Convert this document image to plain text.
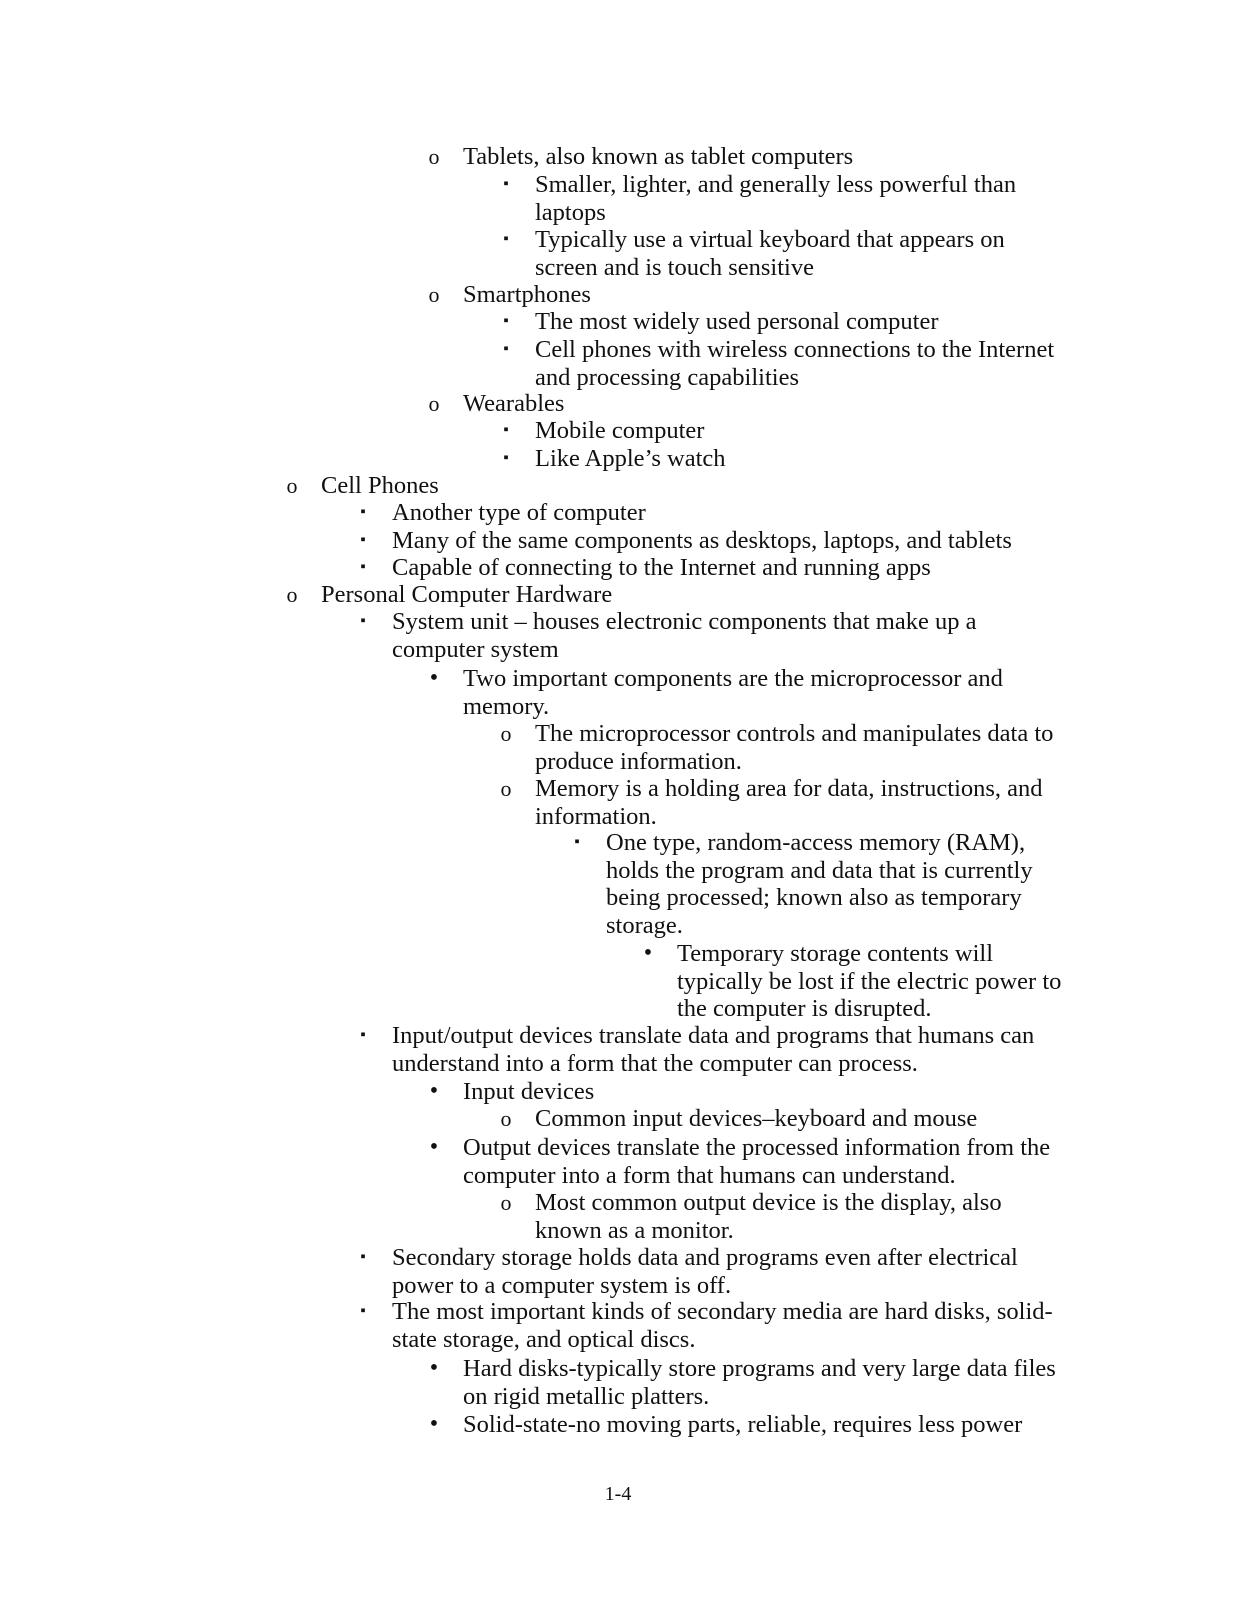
o Tablets, also known as tablet computers
▪ Smaller, lighter, and generally less powerful than laptops
▪ Typically use a virtual keyboard that appears on screen and is touch sensitive
o Smartphones
▪ The most widely used personal computer
▪ Cell phones with wireless connections to the Internet and processing capabilities
o Wearables
▪ Mobile computer
▪ Like Apple’s watch
o Cell Phones
▪ Another type of computer
▪ Many of the same components as desktops, laptops, and tablets
▪ Capable of connecting to the Internet and running apps
o Personal Computer Hardware
▪ System unit – houses electronic components that make up a computer system
• Two important components are the microprocessor and memory.
o The microprocessor controls and manipulates data to produce information.
o Memory is a holding area for data, instructions, and information.
▪ One type, random-access memory (RAM), holds the program and data that is currently being processed; known also as temporary storage.
• Temporary storage contents will typically be lost if the electric power to the computer is disrupted.
▪ Input/output devices translate data and programs that humans can understand into a form that the computer can process.
• Input devices
o Common input devices–keyboard and mouse
• Output devices translate the processed information from the computer into a form that humans can understand.
o Most common output device is the display, also known as a monitor.
▪ Secondary storage holds data and programs even after electrical power to a computer system is off.
▪ The most important kinds of secondary media are hard disks, solid-state storage, and optical discs.
• Hard disks-typically store programs and very large data files on rigid metallic platters.
• Solid-state-no moving parts, reliable, requires less power
1-4
